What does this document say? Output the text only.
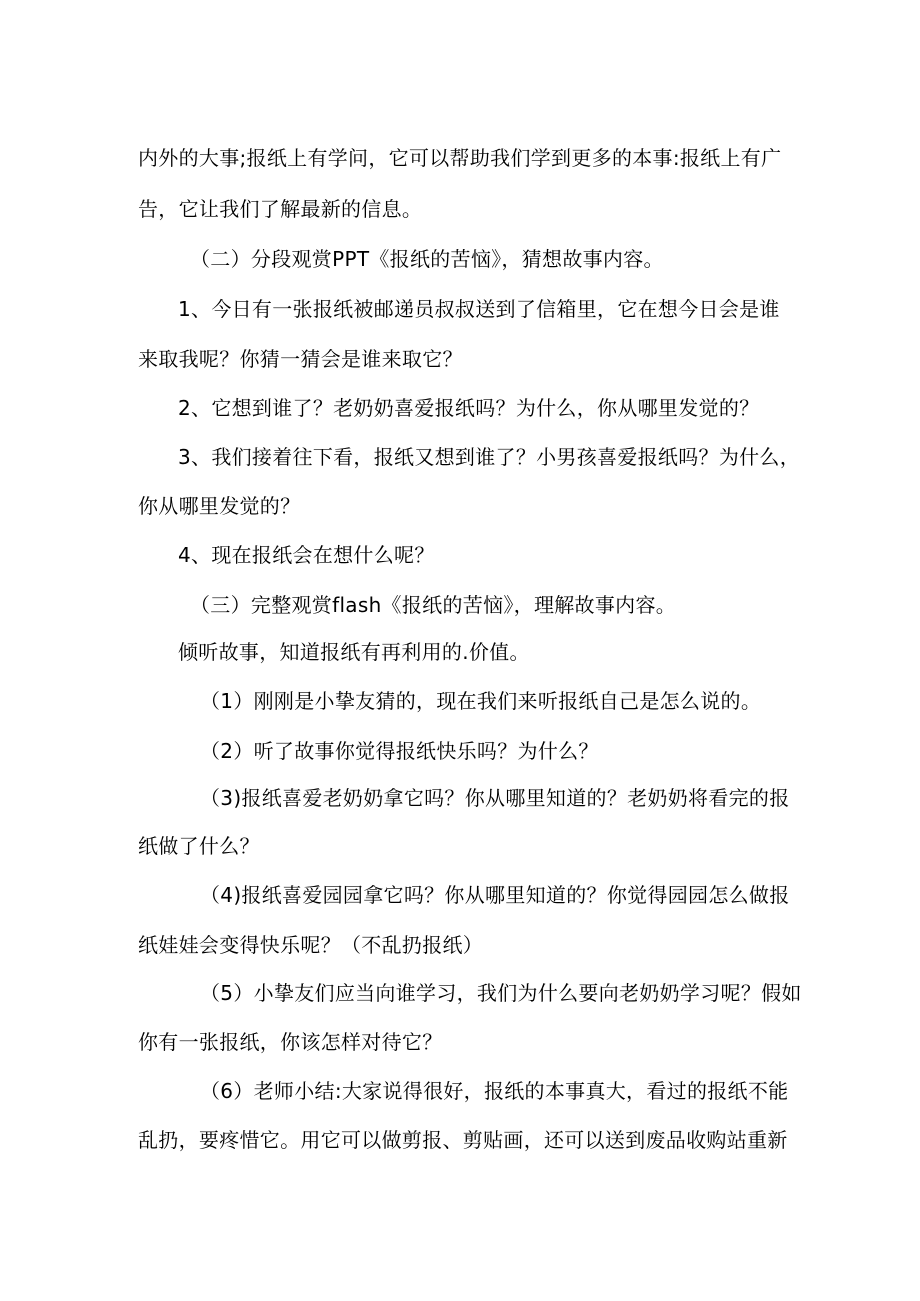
内外的大事;报纸上有学问，它可以帮助我们学到更多的本事:报纸上有广

告，它让我们了解最新的信息。

（二）分段观赏PPT《报纸的苦恼》，猜想故事内容。

1、今日有一张报纸被邮递员叔叔送到了信箱里，它在想今日会是谁

来取我呢？你猜一猜会是谁来取它？

2、它想到谁了？老奶奶喜爱报纸吗？为什么，你从哪里发觉的？

3、我们接着往下看，报纸又想到谁了？小男孩喜爱报纸吗？为什么，

你从哪里发觉的？

4、现在报纸会在想什么呢？

（三）完整观赏flash《报纸的苦恼》，理解故事内容。

倾听故事，知道报纸有再利用的.价值。

（1）刚刚是小挚友猜的，现在我们来听报纸自己是怎么说的。

（2）听了故事你觉得报纸快乐吗？为什么？

（3)报纸喜爱老奶奶拿它吗？你从哪里知道的？老奶奶将看完的报

纸做了什么？

（4)报纸喜爱园园拿它吗？你从哪里知道的？你觉得园园怎么做报

纸娃娃会变得快乐呢？（不乱扔报纸）

（5）小挚友们应当向谁学习，我们为什么要向老奶奶学习呢？假如

你有一张报纸，你该怎样对待它？

（6）老师小结:大家说得很好，报纸的本事真大，看过的报纸不能

乱扔，要疼惜它。用它可以做剪报、剪贴画，还可以送到废品收购站重新
